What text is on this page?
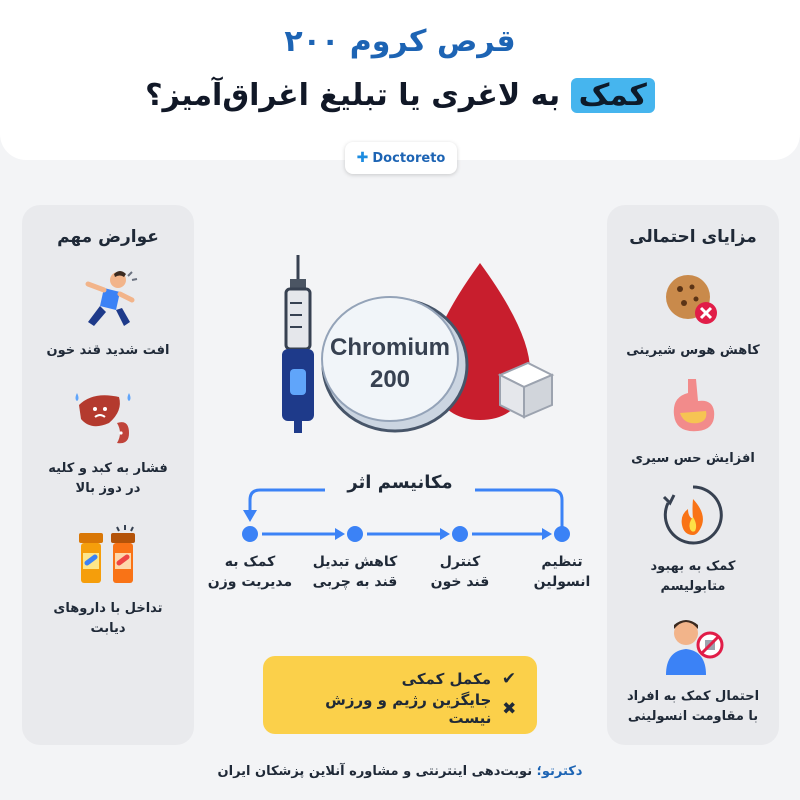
قرص کروم ۲۰۰
کمک به لاغری یا تبلیغ اغراق‌آمیز؟
✚ Doctoreto
عوارض مهم
افت شدید قند خون
فشار به کبد و کلیه
در دوز بالا
تداخل با داروهای
دیابت
مزایای احتمالی
کاهش هوس شیرینی
افزایش حس سیری
کمک به بهبود
متابولیسم
احتمال کمک به افراد
با مقاومت انسولینی
Chromium
200
مکانیسم اثر
تنظیم
انسولین
کنترل
قند خون
کاهش تبدیل
قند به چربی
کمک به
مدیریت وزن
✔
مکمل کمکی
✖
جایگزین رژیم و ورزش نیست
دکترتو؛ نوبت‌دهی اینترنتی و مشاوره آنلاین پزشکان ایران
